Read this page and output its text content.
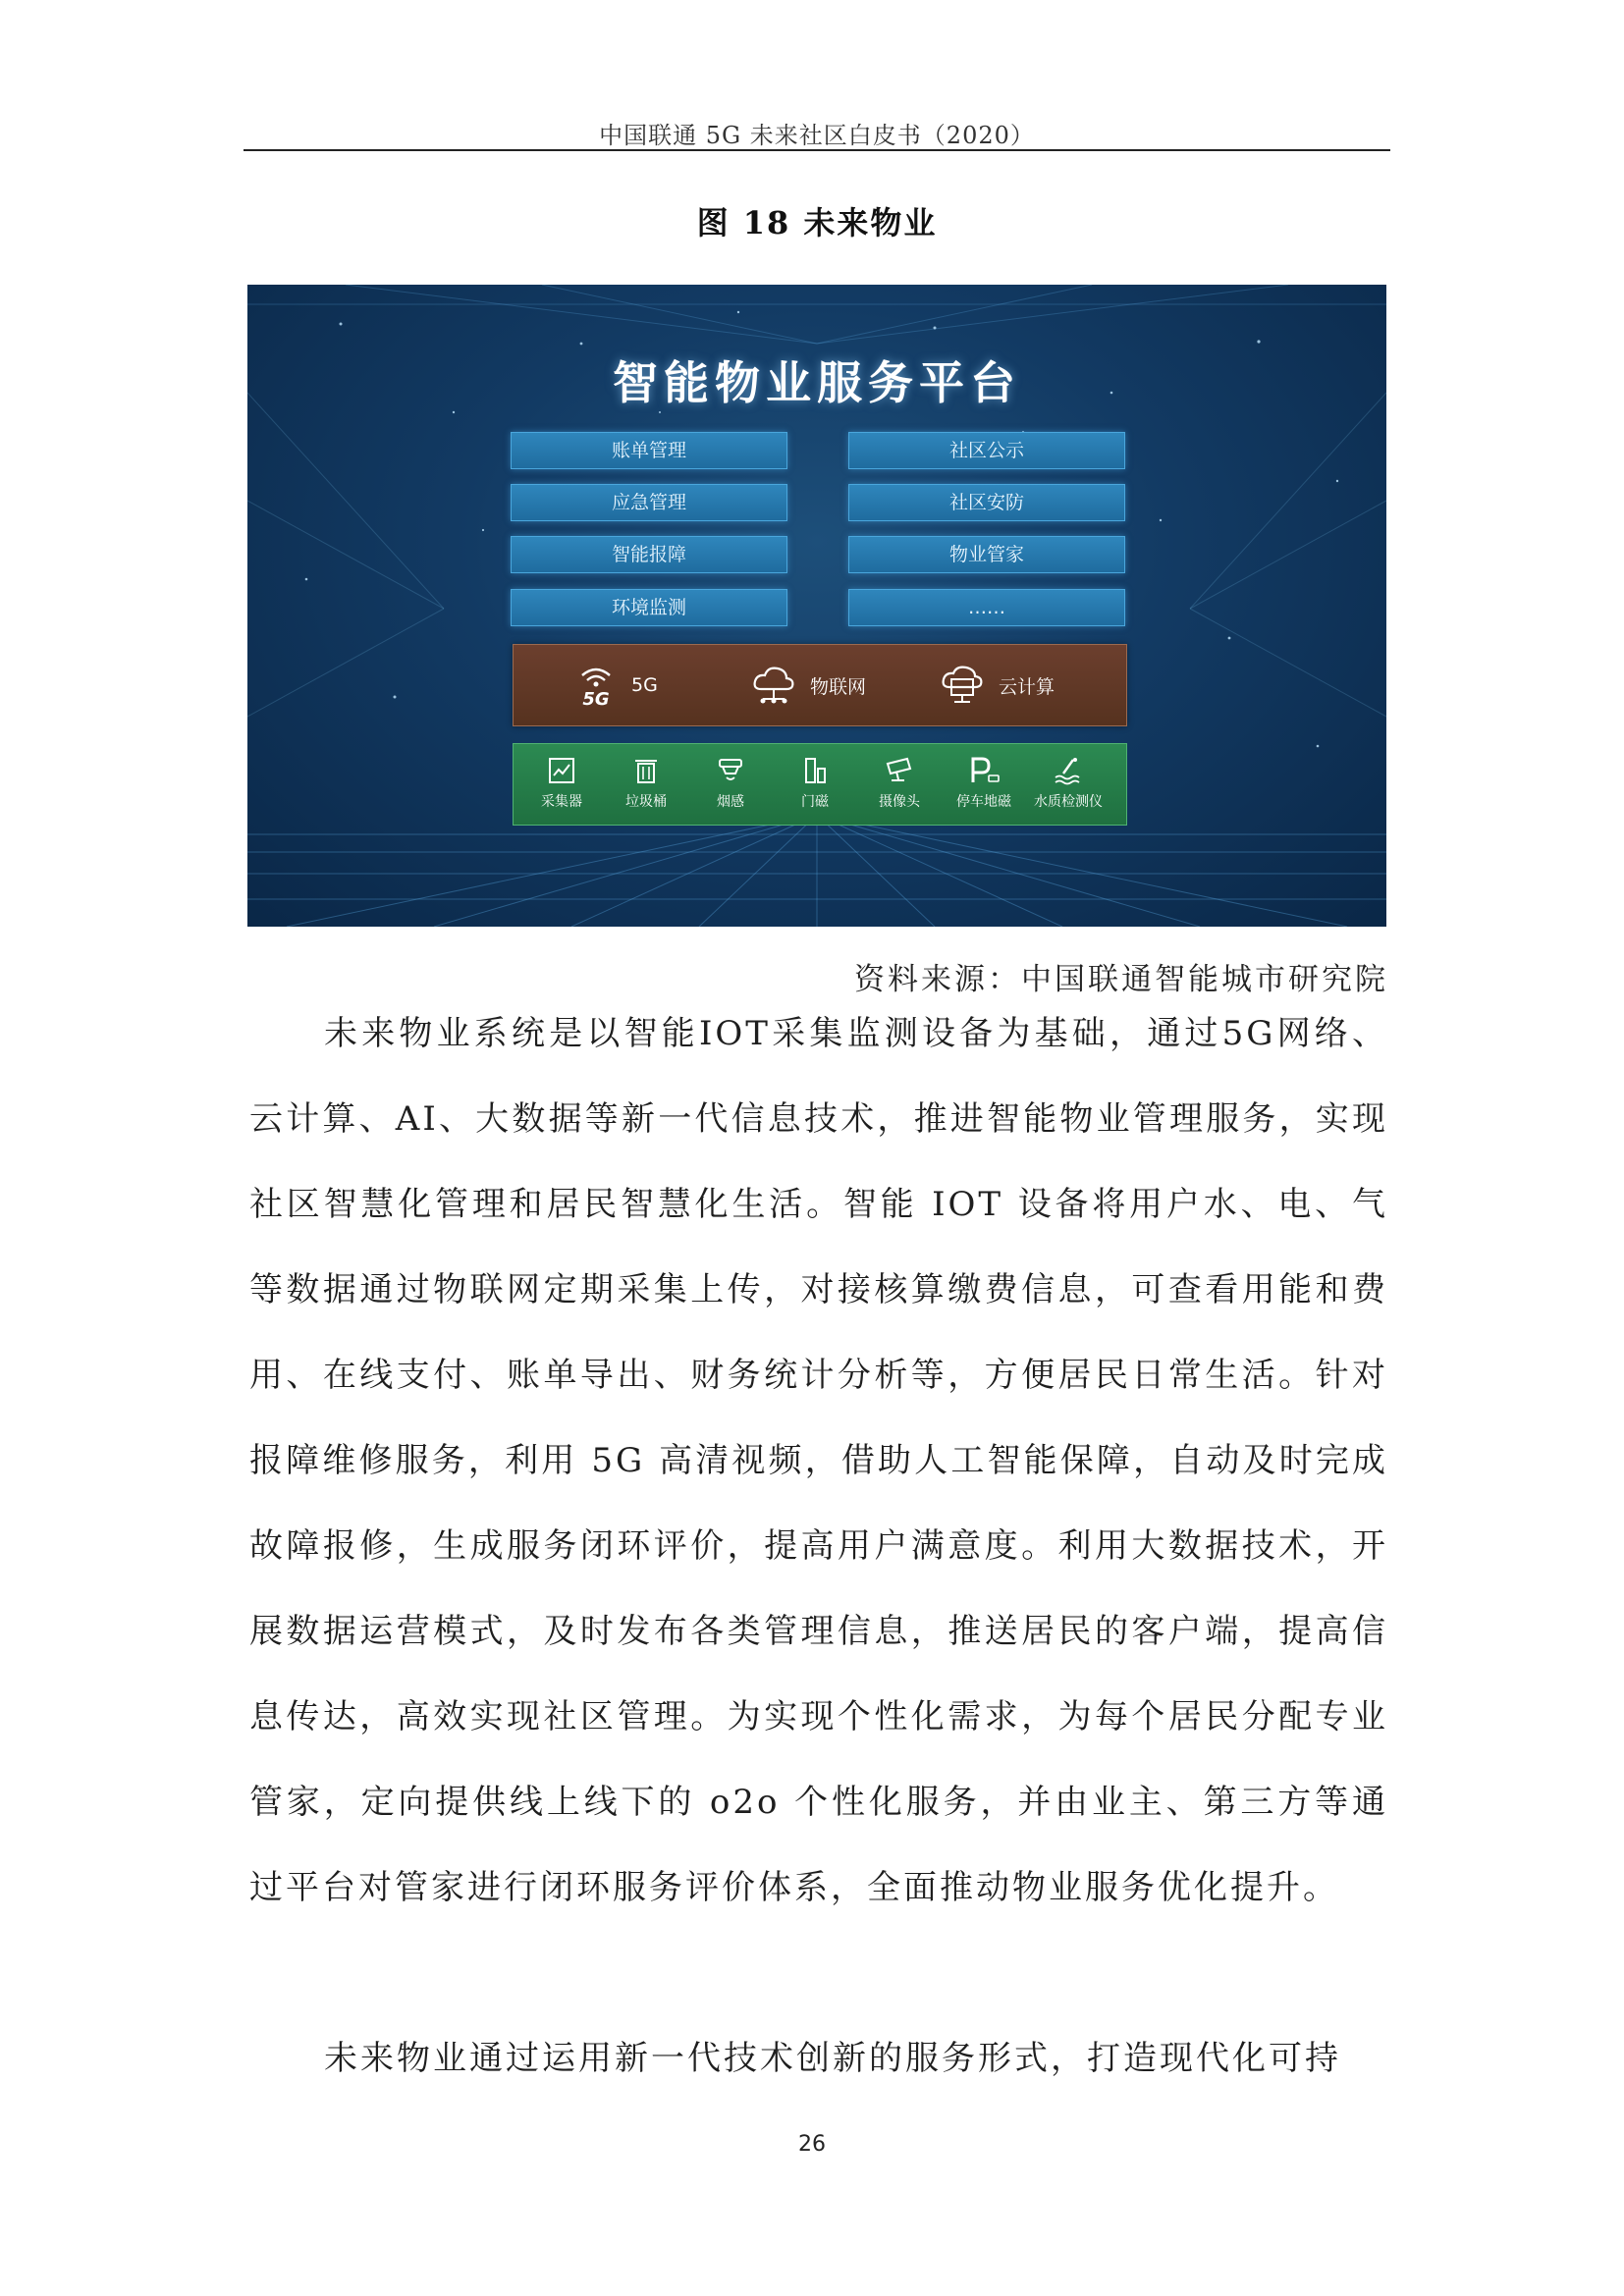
中国联通 5G 未来社区白皮书（2020）
图 18 未来物业
智能物业服务平台
账单管理
应急管理
智能报障
环境监测
社区公示
社区安防
物业管家
……
5G
5G	物联网	云计算
采集器	垃圾桶	烟感	门磁	摄像头	停车地磁	水质检测仪
资料来源：中国联通智能城市研究院

未来物业系统是以智能IOT采集监测设备为基础，通过5G网络、云计算、AI、大数据等新一代信息技术，推进智能物业管理服务，实现社区智慧化管理和居民智慧化生活。智能 IOT 设备将用户水、电、气等数据通过物联网定期采集上传，对接核算缴费信息，可查看用能和费用、在线支付、账单导出、财务统计分析等，方便居民日常生活。针对报障维修服务，利用 5G 高清视频，借助人工智能保障，自动及时完成故障报修，生成服务闭环评价，提高用户满意度。利用大数据技术，开展数据运营模式，及时发布各类管理信息，推送居民的客户端，提高信息传达，高效实现社区管理。为实现个性化需求，为每个居民分配专业管家，定向提供线上线下的 o2o 个性化服务，并由业主、第三方等通过平台对管家进行闭环服务评价体系，全面推动物业服务优化提升。

未来物业通过运用新一代技术创新的服务形式，打造现代化可持

26
